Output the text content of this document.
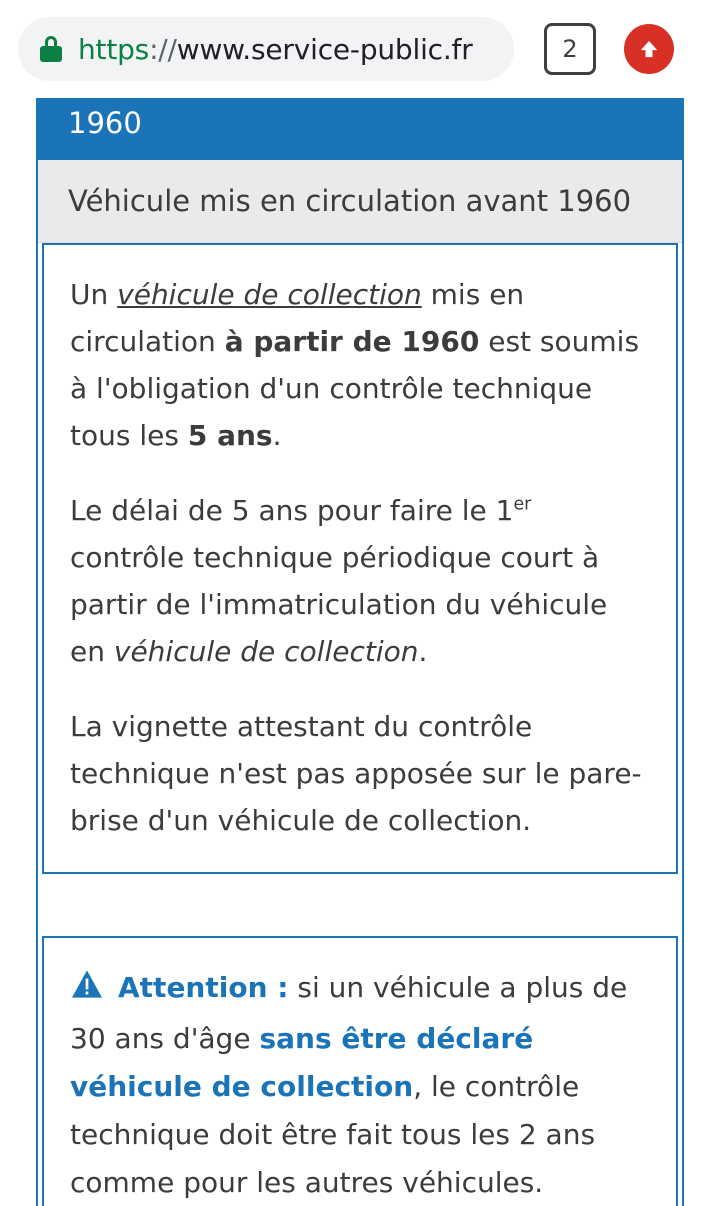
https://www.service-public.fr	2
1960
Véhicule mis en circulation avant 1960

Un véhicule de collection mis en circulation à partir de 1960 est soumis à l'obligation d'un contrôle technique tous les 5 ans.

Le délai de 5 ans pour faire le 1er contrôle technique périodique court à partir de l'immatriculation du véhicule en véhicule de collection.

La vignette attestant du contrôle technique n'est pas apposée sur le pare-brise d'un véhicule de collection.

Attention : si un véhicule a plus de 30 ans d'âge sans être déclaré véhicule de collection, le contrôle technique doit être fait tous les 2 ans comme pour les autres véhicules.
